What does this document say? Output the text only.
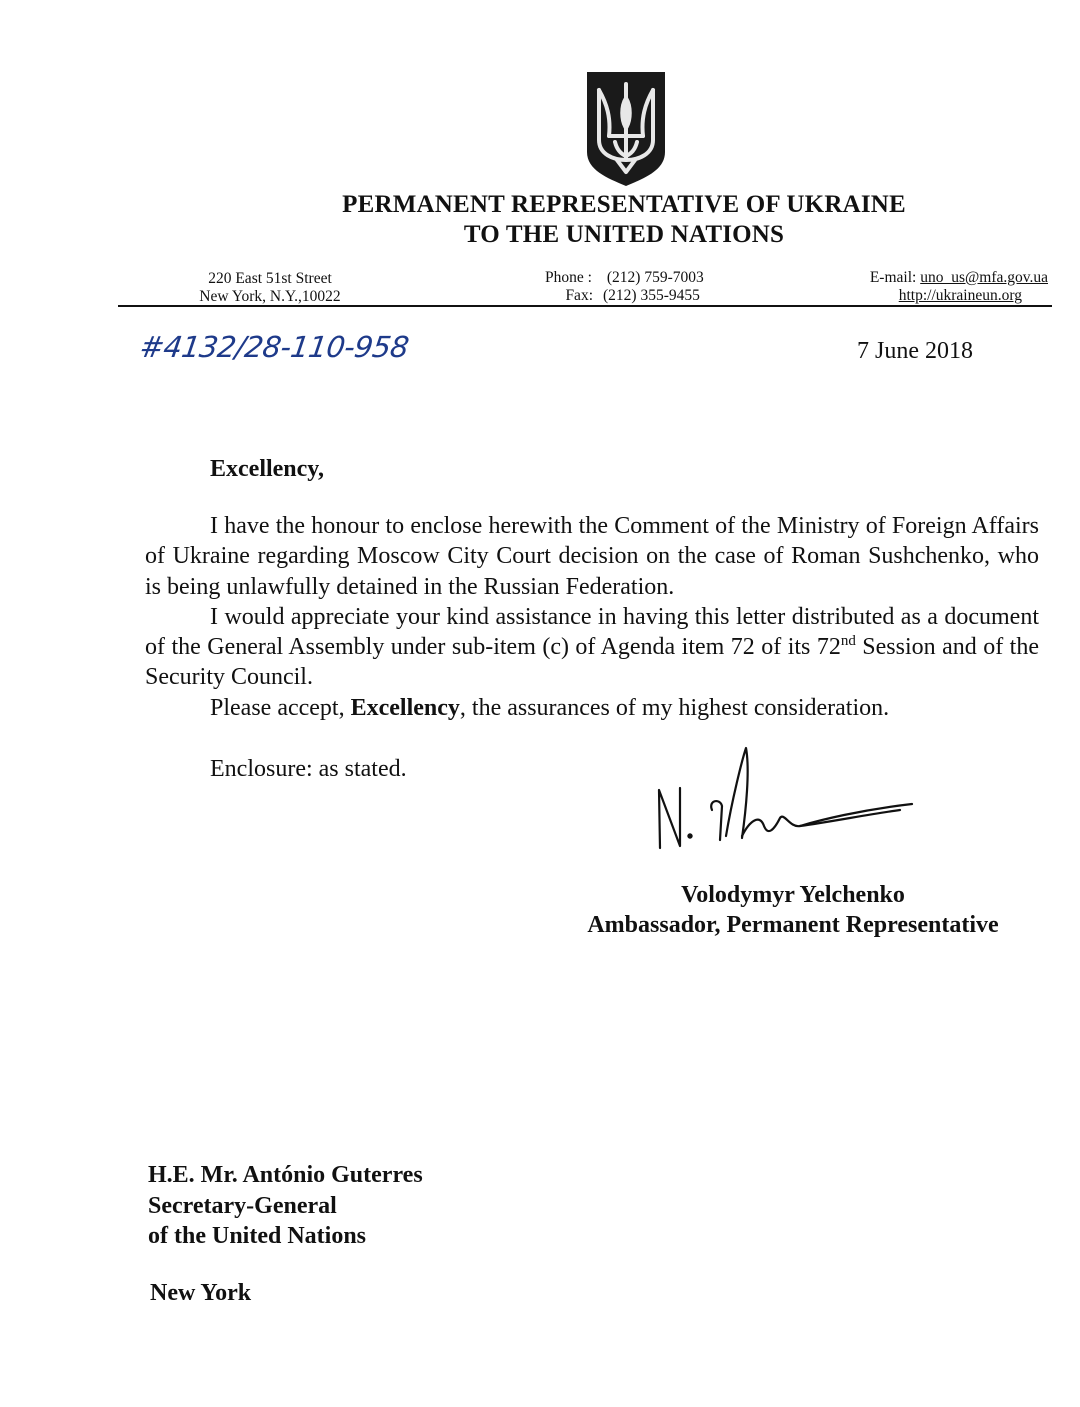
PERMANENT REPRESENTATIVE OF UKRAINE
TO THE UNITED NATIONS
220 East 51st Street
New York, N.Y.,10022
Phone : (212) 759-7003
Fax: (212) 355-9455
E-mail: uno_us@mfa.gov.ua
http://ukraineun.org
#4132/28-110-958	7 June 2018
Excellency,

I have the honour to enclose herewith the Comment of the Ministry of Foreign Affairs of Ukraine regarding Moscow City Court decision on the case of Roman Sushchenko, who is being unlawfully detained in the Russian Federation.

I would appreciate your kind assistance in having this letter distributed as a document of the General Assembly under sub-item (c) of Agenda item 72 of its 72nd Session and of the Security Council.

Please accept, Excellency, the assurances of my highest consideration.

Enclosure: as stated.
Volodymyr Yelchenko
Ambassador, Permanent Representative
H.E. Mr. António Guterres
Secretary-General
of the United Nations
New York
